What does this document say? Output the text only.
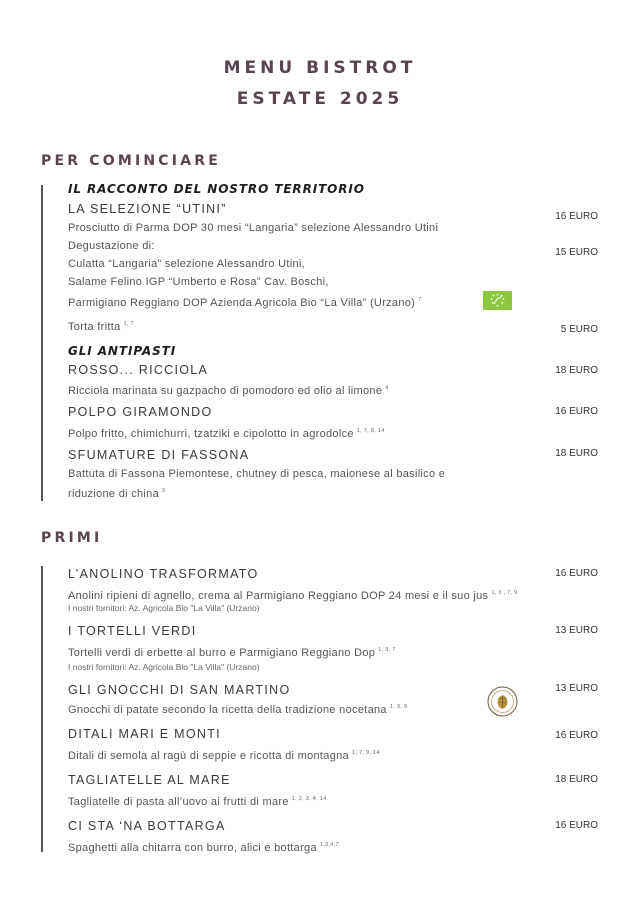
MENU BISTROT
ESTATE 2025
PER COMINCIARE
IL RACCONTO DEL NOSTRO TERRITORIO
LA SELEZIONE “UTINI”
16 EURO
Prosciutto di Parma DOP 30 mesi “Langaria” selezione Alessandro Utini
Degustazione di:
15 EURO
Culatta “Langaria” selezione Alessandro Utini,
Salame Felino IGP “Umberto e Rosa” Cav. Boschi,
Parmigiano Reggiano DOP Azienda Agricola Bio “La Villa” (Urzano) $^7$
Torta fritta $^{1, 7}$	5 EURO
GLI ANTIPASTI
ROSSO... RICCIOLA	18 EURO
Ricciola marinata su gazpacho di pomodoro ed olio al limone $^4$
POLPO GIRAMONDO	16 EURO
Polpo fritto, chimichurri, tzatziki e cipolotto in agrodolce $^{1, 7, 8, 14}$
SFUMATURE DI FASSONA	18 EURO
Battuta di Fassona Piemontese, chutney di pesca, maionese al basilico e
riduzione di china $^3$
PRIMI
L’ANOLINO TRASFORMATO	16 EURO
Anolini ripieni di agnello, crema al Parmigiano Reggiano DOP 24 mesi e il suo jus $^{1, 3 , 7, 9}$
I nostri fornitori: Az. Agricola Bio "La Villa" (Urzano)
I TORTELLI VERDI	13 EURO
Tortelli verdi di erbette al burro e Parmigiano Reggiano Dop $^{1, 3, 7}$
I nostri fornitori: Az. Agricola Bio "La Villa" (Urzano)
GLI GNOCCHI DI SAN MARTINO	13 EURO
Gnocchi di patate secondo la ricetta della tradizione nocetana $^{1, 3, 9}$
DITALI MARI E MONTI	16 EURO
Ditali di semola al ragù di seppie e ricotta di montagna $^{1, 7, 9, 14}$
TAGLIATELLE AL MARE	18 EURO
Tagliatelle di pasta all’uovo ai frutti di mare $^{1, 2, 3, 4, 14}$
CI STA ‘NA BOTTARGA	16 EURO
Spaghetti alla chitarra con burro, alici e bottarga $^{1,3,4,7}$
